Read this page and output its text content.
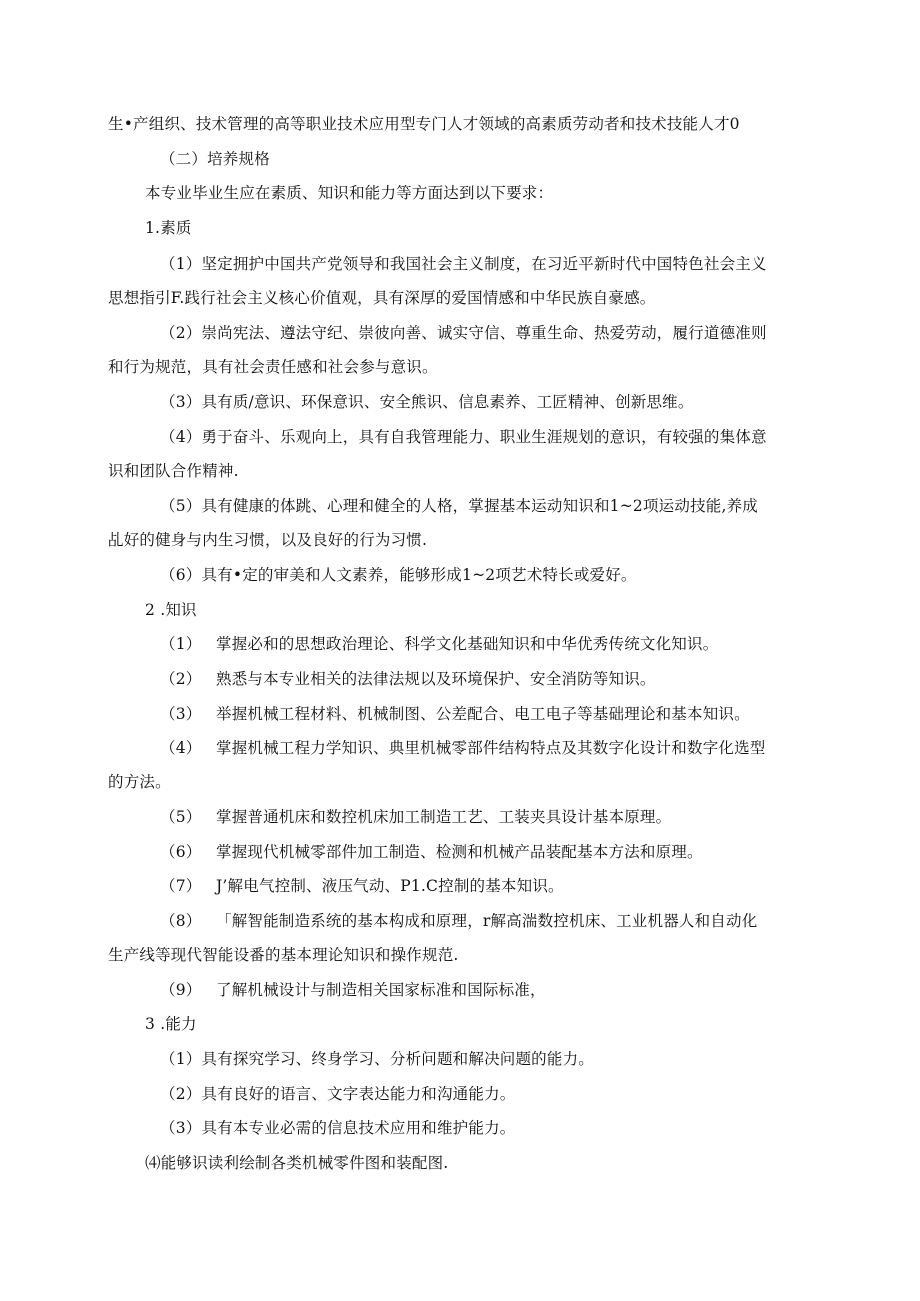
生•产组织、技术管理的高等职业技术应用型专门人才领域的高素质劳动者和技术技能人才0

（二）培养规格

本专业毕业生应在素质、知识和能力等方面达到以下要求：

1.素质

（1）坚定拥护中国共产党领导和我国社会主义制度，在习近平新时代中国特色社会主义

思想指引F.践行社会主义核心价值观，具有深厚的爱国情感和中华民族自豪感。

（2）崇尚宪法、遵法守纪、崇彼向善、诚实守信、尊重生命、热爱劳动，履行道德准则

和行为规范，具有社会责任感和社会参与意识。

（3）具有质/意识、环保意识、安全熊识、信息素养、工匠精神、创新思维。

（4）勇于奋斗、乐观向上，具有自我管理能力、职业生涯规划的意识，有较强的集体意

识和团队合作精神.

（5）具有健康的体跳、心理和健全的人格，掌握基本运动知识和1~2项运动技能,养成

乩好的健身与内生习惯，以及良好的行为习惯.

（6）具有•定的审美和人文素养，能够形成1~2项艺术特长或爱好。

2 .知识

（1） 掌握必和的思想政治理论、科学文化基础知识和中华优秀传统文化知识。

（2） 熟悉与本专业相关的法律法规以及环境保护、安全消防等知识。

（3） 举握机械工程材料、机械制图、公差配合、电工电子等基础理论和基本知识。

（4） 掌握机械工程力学知识、典里机械零部件结构特点及其数字化设计和数字化选型

的方法。

（5） 掌握普通机床和数控机床加工制造工艺、工装夹具设计基本原理。

（6） 掌握现代机械零部件加工制造、检测和机械产品装配基本方法和原理。

（7） J’解电气控制、液压气动、P1.C控制的基本知识。

（8） 「解智能制造系统的基本构成和原理，r解高湍数控机床、工业机器人和自动化

生产线等现代智能设番的基本理论知识和操作规范.

（9） 了解机械设计与制造相关国家标准和国际标准，

3 .能力

（1）具有探究学习、终身学习、分析问题和解决问题的能力。

（2）具有良好的语言、文字表达能力和沟通能力。

（3）具有本专业必需的信息技术应用和维护能力。

⑷能够识读利绘制各类机械零件图和装配图.
